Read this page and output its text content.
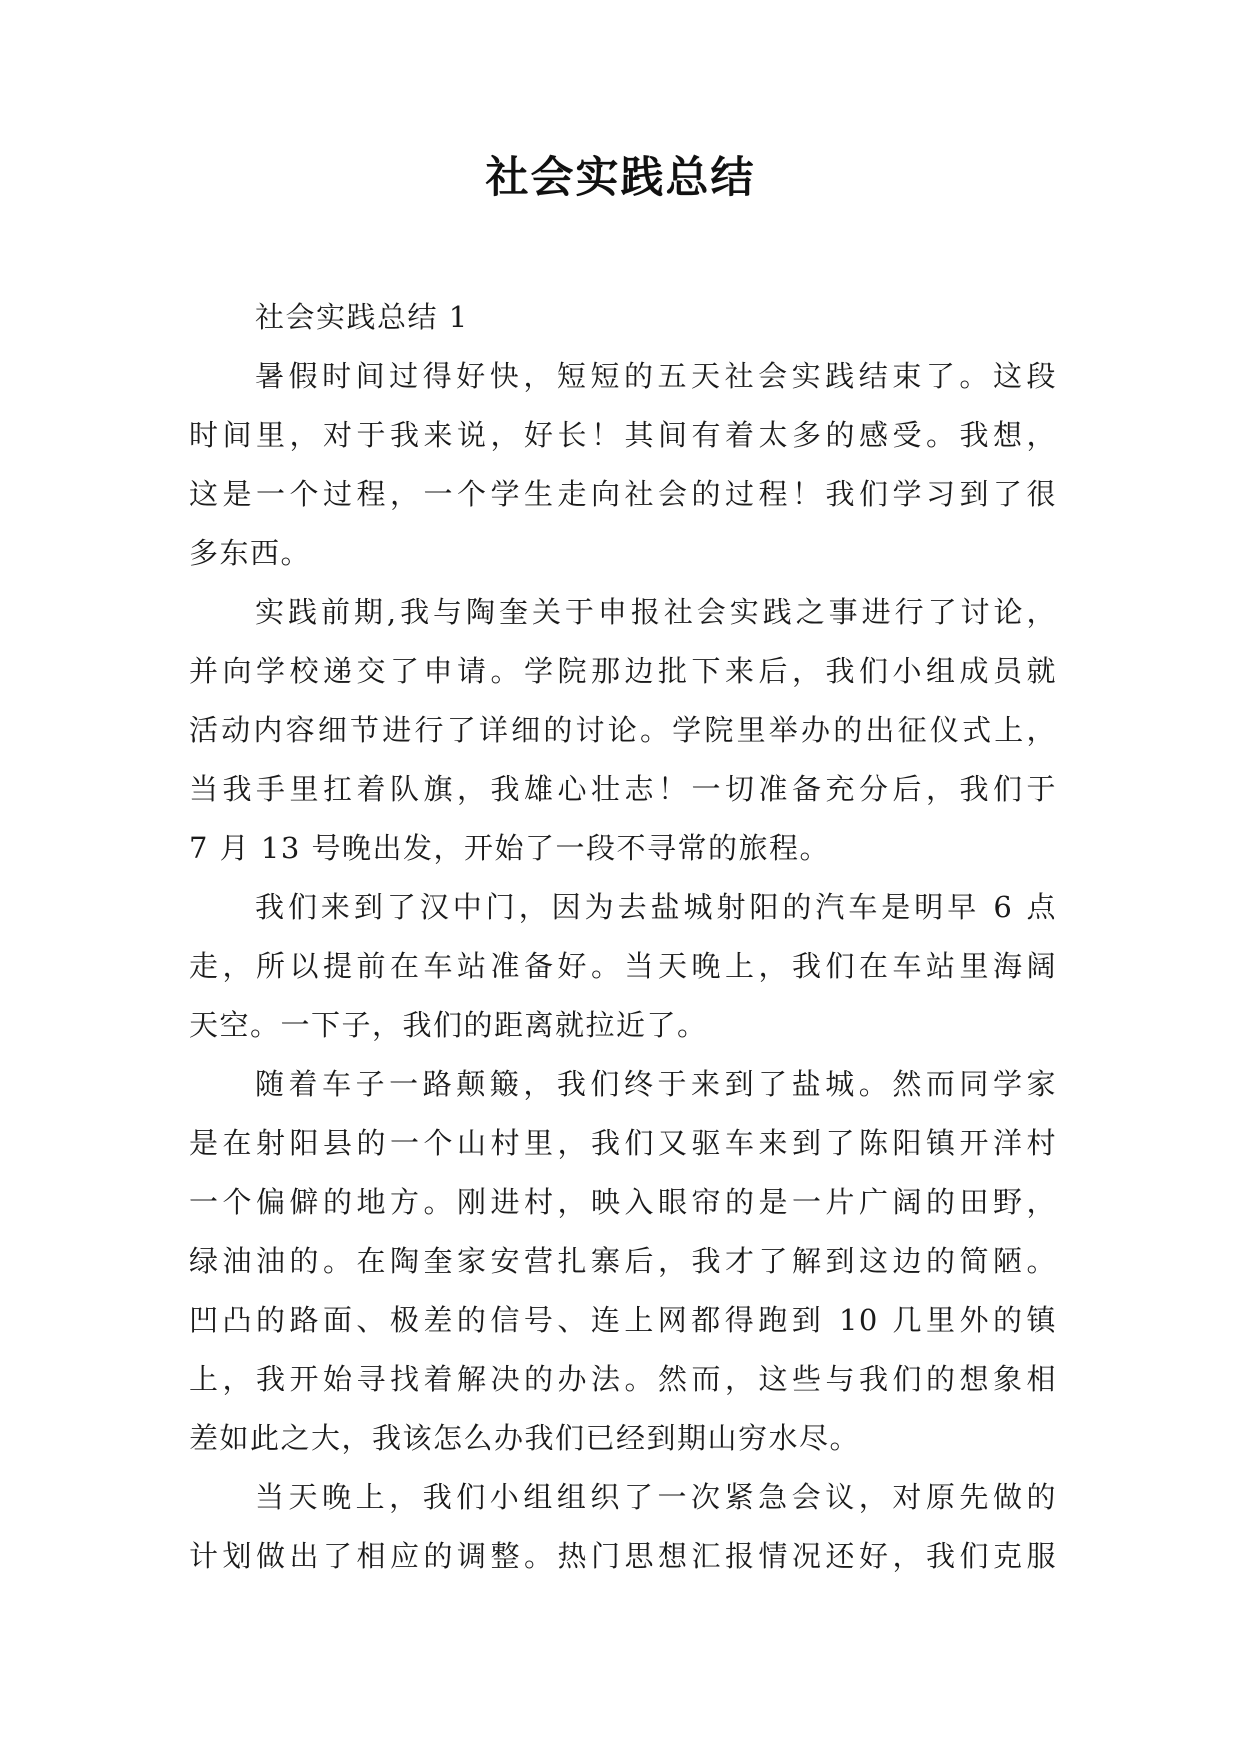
社会实践总结
社会实践总结 1
暑假时间过得好快，短短的五天社会实践结束了。这段
时间里，对于我来说，好长！其间有着太多的感受。我想，
这是一个过程，一个学生走向社会的过程！我们学习到了很
多东西。
实践前期,我与陶奎关于申报社会实践之事进行了讨论，
并向学校递交了申请。学院那边批下来后，我们小组成员就
活动内容细节进行了详细的讨论。学院里举办的出征仪式上，
当我手里扛着队旗，我雄心壮志！一切准备充分后，我们于
7 月 13 号晚出发，开始了一段不寻常的旅程。
我们来到了汉中门，因为去盐城射阳的汽车是明早 6 点
走，所以提前在车站准备好。当天晚上，我们在车站里海阔
天空。一下子，我们的距离就拉近了。
随着车子一路颠簸，我们终于来到了盐城。然而同学家
是在射阳县的一个山村里，我们又驱车来到了陈阳镇开洋村
一个偏僻的地方。刚进村，映入眼帘的是一片广阔的田野，
绿油油的。在陶奎家安营扎寨后，我才了解到这边的简陋。
凹凸的路面、极差的信号、连上网都得跑到 10 几里外的镇
上，我开始寻找着解决的办法。然而，这些与我们的想象相
差如此之大，我该怎么办我们已经到期山穷水尽。
当天晚上，我们小组组织了一次紧急会议，对原先做的
计划做出了相应的调整。热门思想汇报情况还好，我们克服
